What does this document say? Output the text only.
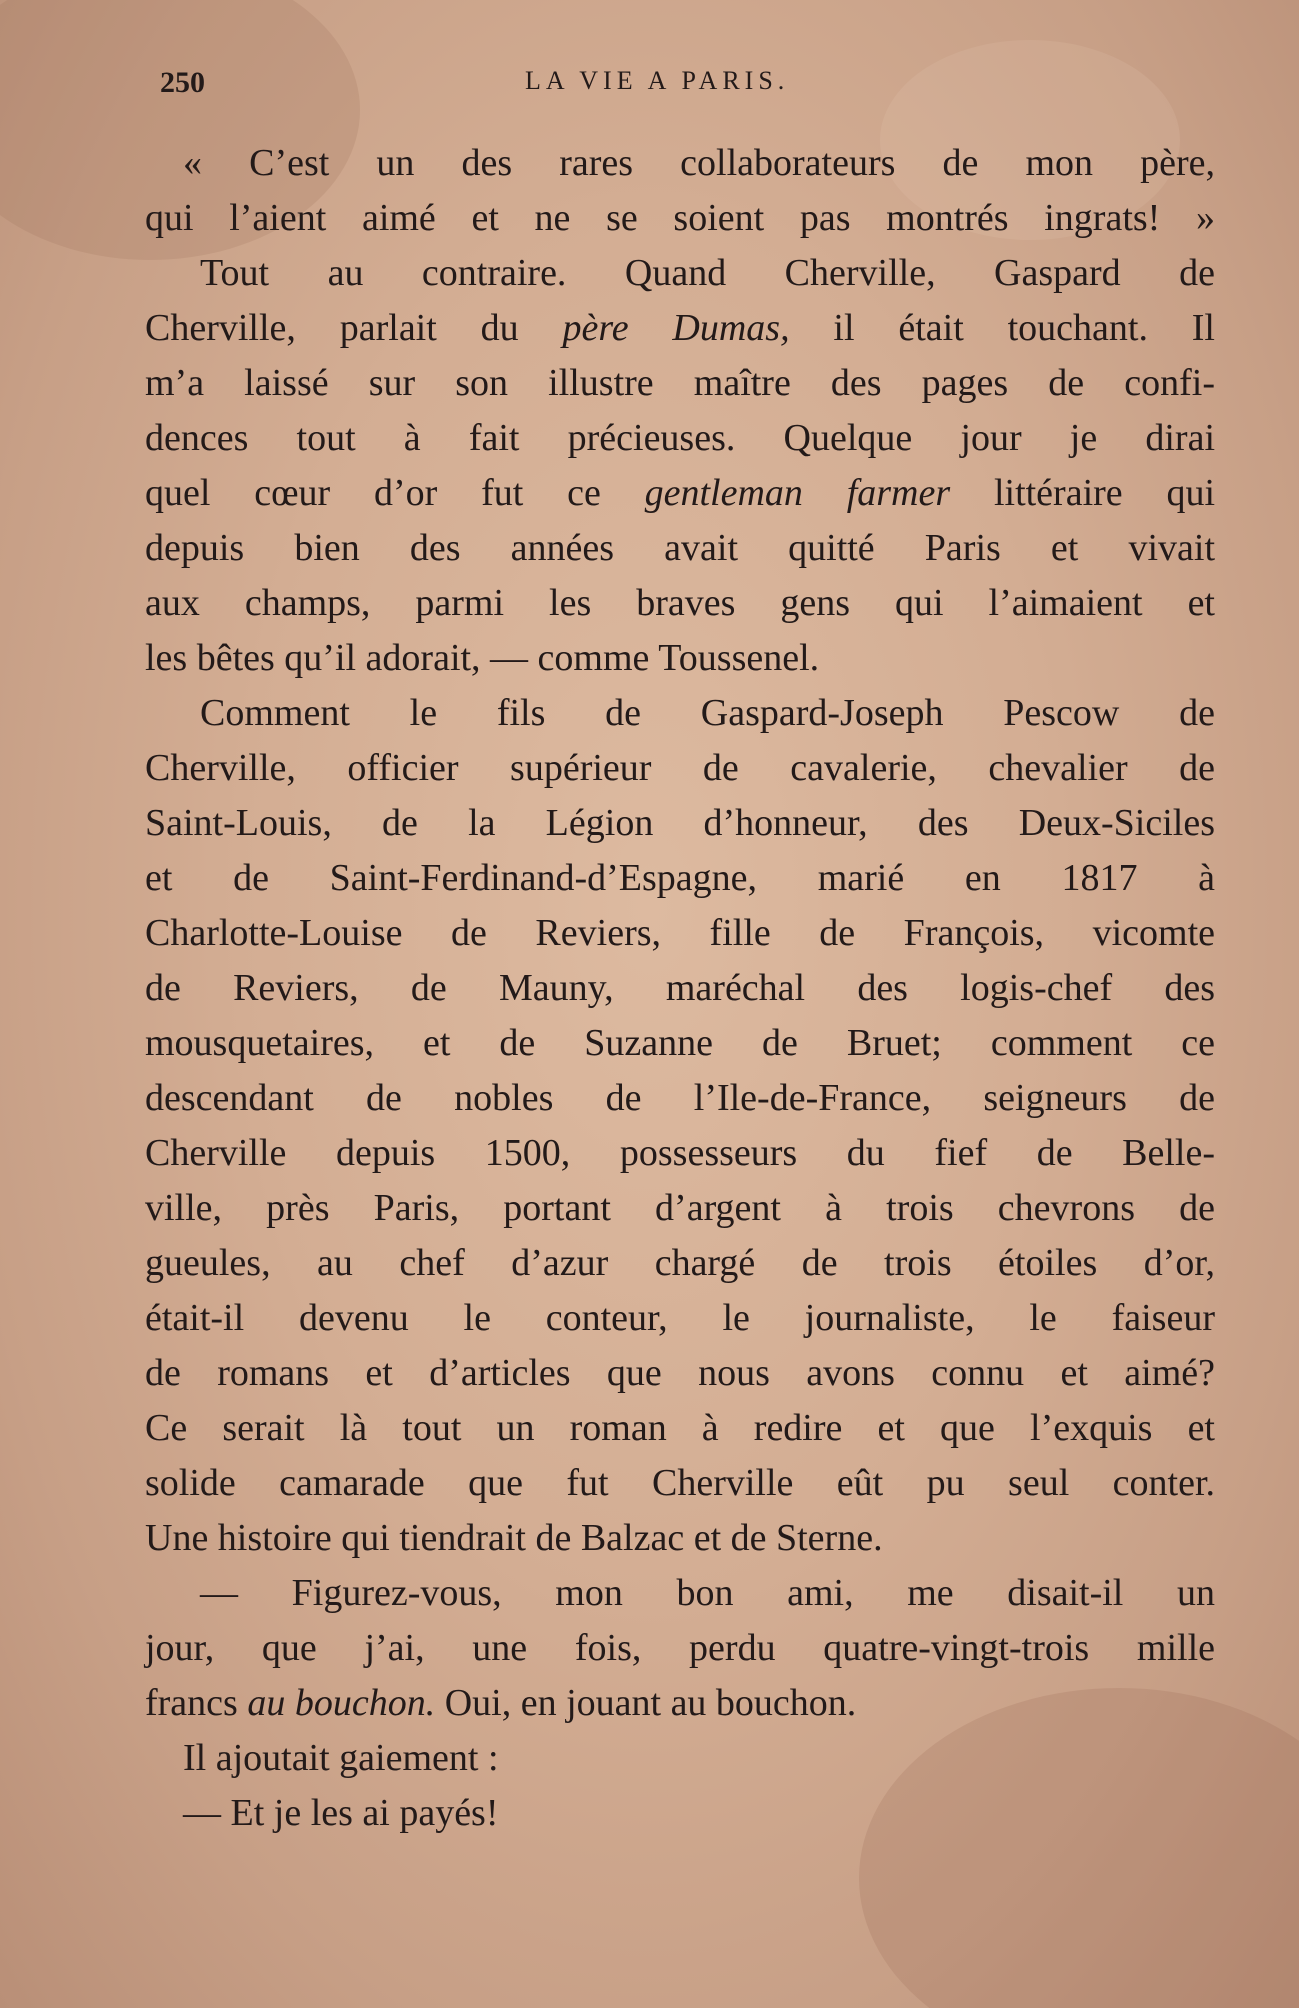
250	LA VIE A PARIS.
« C’est un des rares collaborateurs de mon père,
qui l’aient aimé et ne se soient pas montrés ingrats! »
Tout au contraire. Quand Cherville, Gaspard de
Cherville, parlait du père Dumas, il était touchant. Il
m’a laissé sur son illustre maître des pages de confi-
dences tout à fait précieuses. Quelque jour je dirai
quel cœur d’or fut ce gentleman farmer littéraire qui
depuis bien des années avait quitté Paris et vivait
aux champs, parmi les braves gens qui l’aimaient et
les bêtes qu’il adorait, — comme Toussenel.
Comment le fils de Gaspard-Joseph Pescow de
Cherville, officier supérieur de cavalerie, chevalier de
Saint-Louis, de la Légion d’honneur, des Deux-Siciles
et de Saint-Ferdinand-d’Espagne, marié en 1817 à
Charlotte-Louise de Reviers, fille de François, vicomte
de Reviers, de Mauny, maréchal des logis-chef des
mousquetaires, et de Suzanne de Bruet; comment ce
descendant de nobles de l’Ile-de-France, seigneurs de
Cherville depuis 1500, possesseurs du fief de Belle-
ville, près Paris, portant d’argent à trois chevrons de
gueules, au chef d’azur chargé de trois étoiles d’or,
était-il devenu le conteur, le journaliste, le faiseur
de romans et d’articles que nous avons connu et aimé?
Ce serait là tout un roman à redire et que l’exquis et
solide camarade que fut Cherville eût pu seul conter.
Une histoire qui tiendrait de Balzac et de Sterne.
— Figurez-vous, mon bon ami, me disait-il un
jour, que j’ai, une fois, perdu quatre-vingt-trois mille
francs au bouchon. Oui, en jouant au bouchon.
Il ajoutait gaiement :
— Et je les ai payés!
